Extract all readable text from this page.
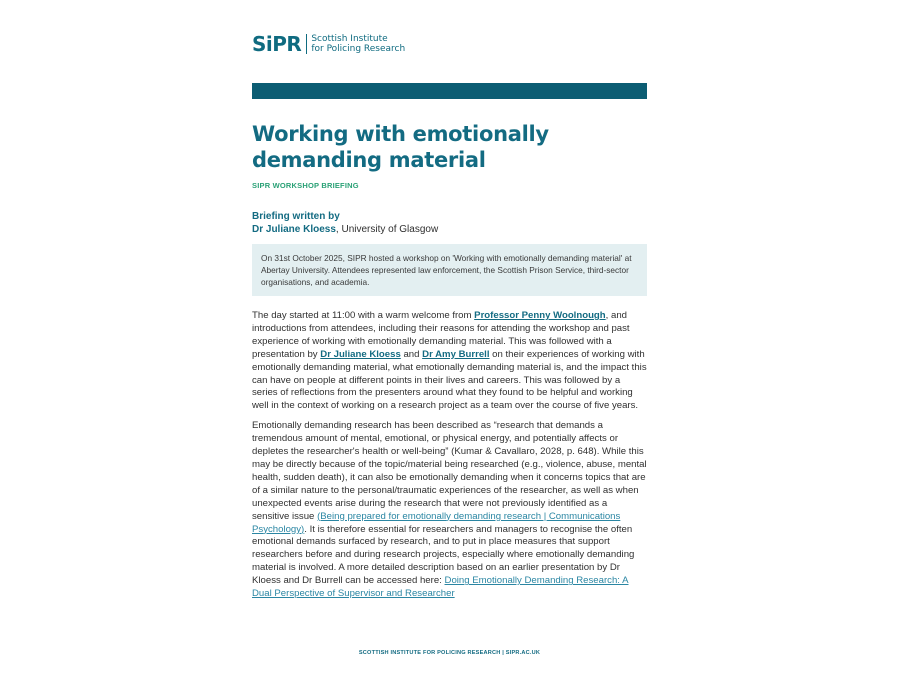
SiPR Scottish Institute
for Policing Research
Working with emotionally demanding material
SIPR WORKSHOP BRIEFING
Briefing written by
Dr Juliane Kloess, University of Glasgow
On 31st October 2025, SIPR hosted a workshop on 'Working with emotionally demanding material' at Abertay University. Attendees represented law enforcement, the Scottish Prison Service, third-sector organisations, and academia.

The day started at 11:00 with a warm welcome from Professor Penny Woolnough, and introductions from attendees, including their reasons for attending the workshop and past experience of working with emotionally demanding material. This was followed with a presentation by Dr Juliane Kloess and Dr Amy Burrell on their experiences of working with emotionally demanding material, what emotionally demanding material is, and the impact this can have on people at different points in their lives and careers. This was followed by a series of reflections from the presenters around what they found to be helpful and working well in the context of working on a research project as a team over the course of five years.

Emotionally demanding research has been described as “research that demands a tremendous amount of mental, emotional, or physical energy, and potentially affects or depletes the researcher's health or well-being” (Kumar & Cavallaro, 2028, p. 648). While this may be directly because of the topic/material being researched (e.g., violence, abuse, mental health, sudden death), it can also be emotionally demanding when it concerns topics that are of a similar nature to the personal/traumatic experiences of the researcher, as well as when unexpected events arise during the research that were not previously identified as a sensitive issue (Being prepared for emotionally demanding research | Communications Psychology). It is therefore essential for researchers and managers to recognise the often emotional demands surfaced by research, and to put in place measures that support researchers before and during research projects, especially where emotionally demanding material is involved. A more detailed description based on an earlier presentation by Dr Kloess and Dr Burrell can be accessed here: Doing Emotionally Demanding Research: A Dual Perspective of Supervisor and Researcher

SCOTTISH INSTITUTE FOR POLICING RESEARCH | SIPR.AC.UK
